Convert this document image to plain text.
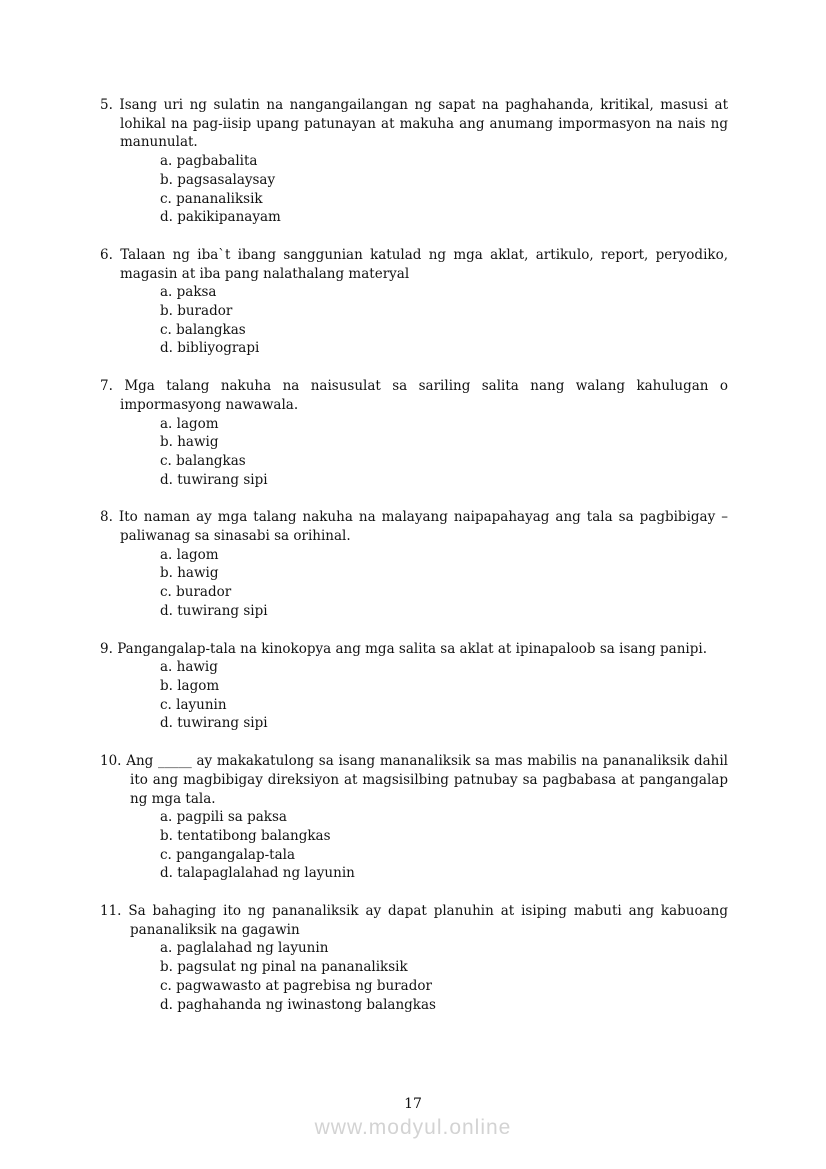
5. Isang uri ng sulatin na nangangailangan ng sapat na paghahanda, kritikal, masusi at lohikal na pag-iisip upang patunayan at makuha ang anumang impormasyon na nais ng manunulat.

a. pagbabalita
b. pagsasalaysay
c. pananaliksik
d. pakikipanayam

6. Talaan ng iba`t ibang sanggunian katulad ng mga aklat, artikulo, report, peryodiko, magasin at iba pang nalathalang materyal

a. paksa
b. burador
c. balangkas
d. bibliyograpi

7. Mga talang nakuha na naisusulat sa sariling salita nang walang kahulugan o impormasyong nawawala.

a. lagom
b. hawig
c. balangkas
d. tuwirang sipi

8. Ito naman ay mga talang nakuha na malayang naipapahayag ang tala sa pagbibigay – paliwanag sa sinasabi sa orihinal.

a. lagom
b. hawig
c. burador
d. tuwirang sipi

9. Pangangalap-tala na kinokopya ang mga salita sa aklat at ipinapaloob sa isang panipi.

a. hawig
b. lagom
c. layunin
d. tuwirang sipi

10. Ang _____ ay makakatulong sa isang mananaliksik sa mas mabilis na pananaliksik dahil ito ang magbibigay direksiyon at magsisilbing patnubay sa pagbabasa at pangangalap ng mga tala.

a. pagpili sa paksa
b. tentatibong balangkas
c. pangangalap-tala
d. talapaglalahad ng layunin

11. Sa bahaging ito ng pananaliksik ay dapat planuhin at isiping mabuti ang kabuoang pananaliksik na gagawin

a. paglalahad ng layunin
b. pagsulat ng pinal na pananaliksik
c. pagwawasto at pagrebisa ng burador
d. paghahanda ng iwinastong balangkas
17
www.modyul.online
